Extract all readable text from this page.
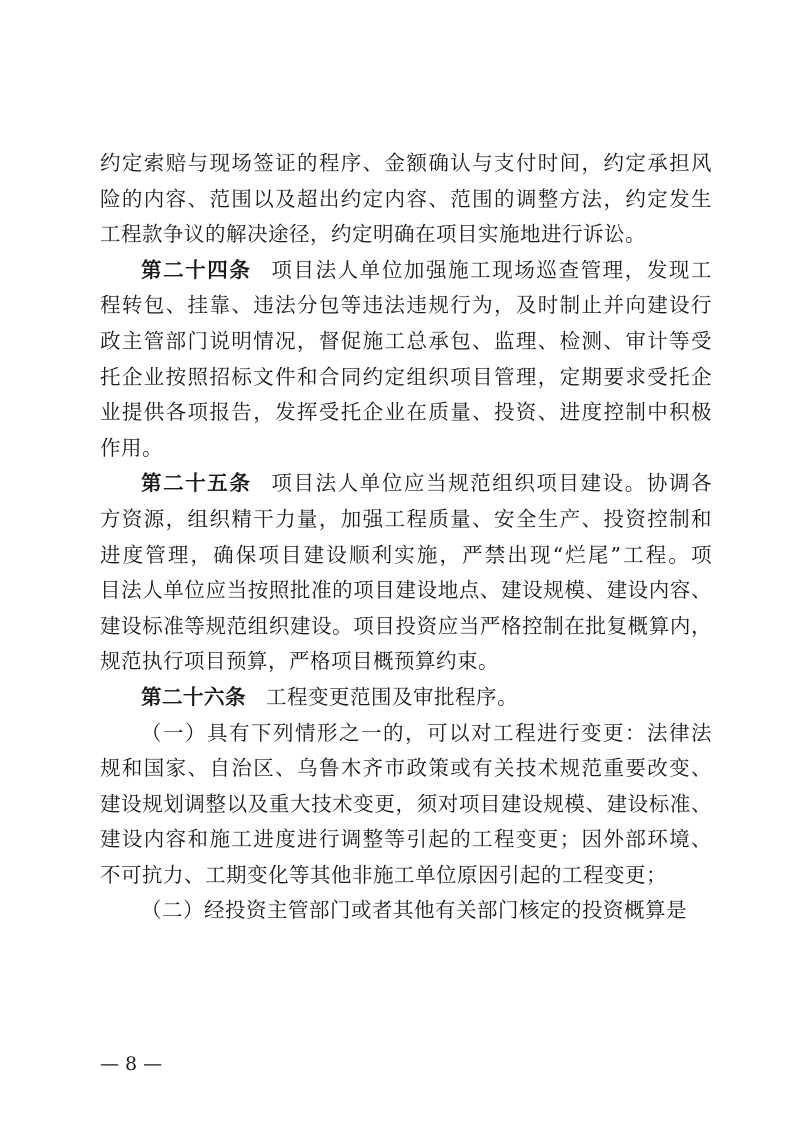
约定索赔与现场签证的程序、金额确认与支付时间，约定承担风
险的内容、范围以及超出约定内容、范围的调整方法，约定发生
工程款争议的解决途径，约定明确在项目实施地进行诉讼。
第二十四条 项目法人单位加强施工现场巡查管理，发现工
程转包、挂靠、违法分包等违法违规行为，及时制止并向建设行
政主管部门说明情况，督促施工总承包、监理、检测、审计等受
托企业按照招标文件和合同约定组织项目管理，定期要求受托企
业提供各项报告，发挥受托企业在质量、投资、进度控制中积极
作用。
第二十五条 项目法人单位应当规范组织项目建设。协调各
方资源，组织精干力量，加强工程质量、安全生产、投资控制和
进度管理，确保项目建设顺利实施，严禁出现“烂尾”工程。项
目法人单位应当按照批准的项目建设地点、建设规模、建设内容、
建设标准等规范组织建设。项目投资应当严格控制在批复概算内，
规范执行项目预算，严格项目概预算约束。
第二十六条 工程变更范围及审批程序。
（一）具有下列情形之一的，可以对工程进行变更：法律法
规和国家、自治区、乌鲁木齐市政策或有关技术规范重要改变、
建设规划调整以及重大技术变更，须对项目建设规模、建设标准、
建设内容和施工进度进行调整等引起的工程变更；因外部环境、
不可抗力、工期变化等其他非施工单位原因引起的工程变更；
（二）经投资主管部门或者其他有关部门核定的投资概算是
— 8 —
